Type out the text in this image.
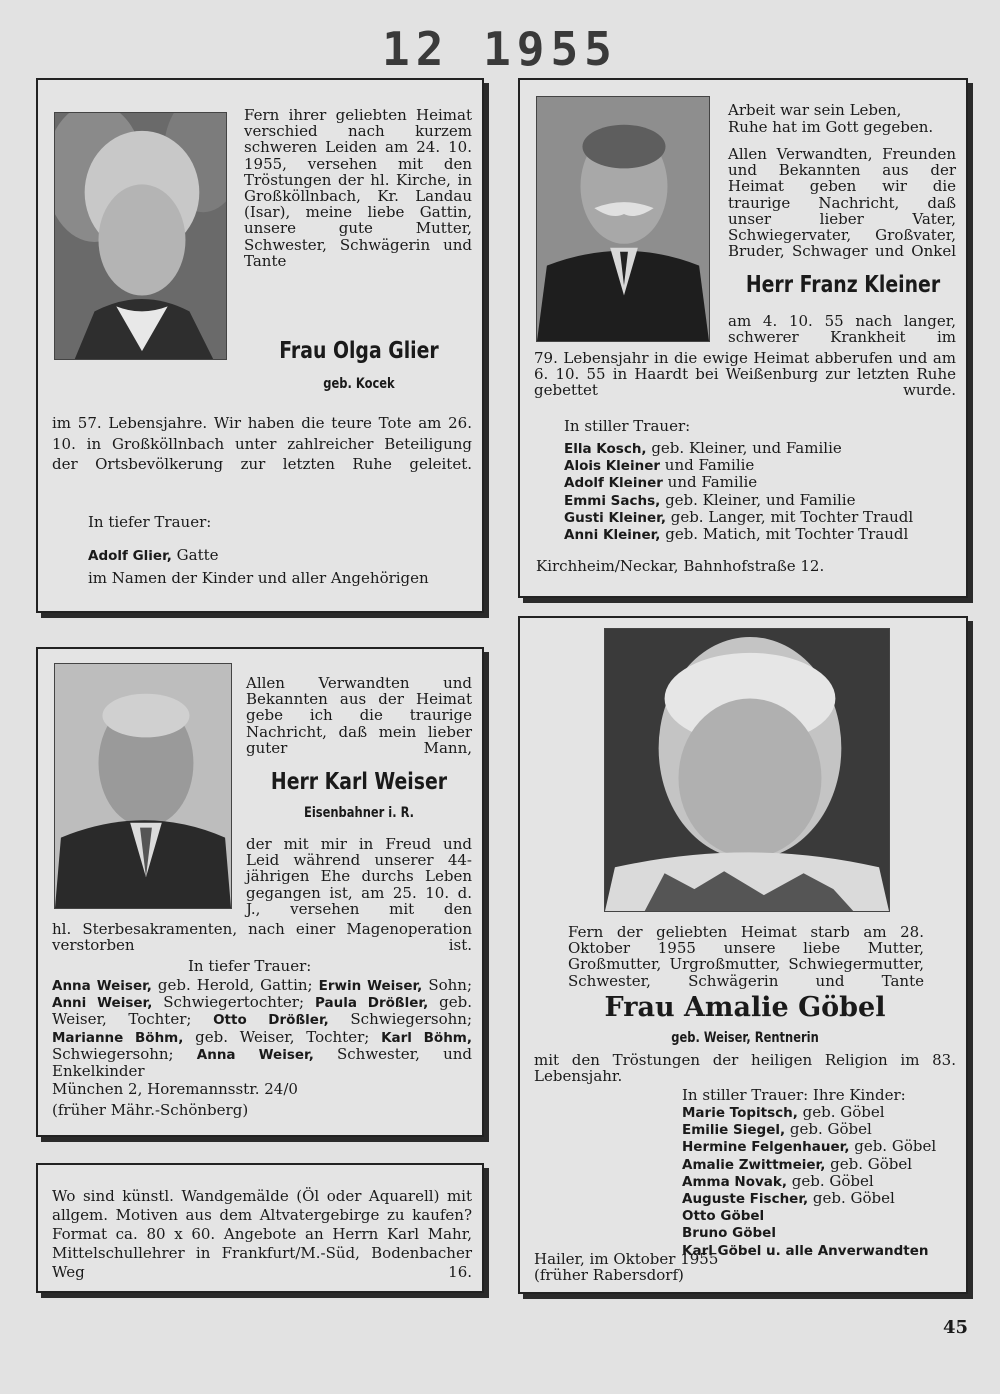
12 1955
Fern ihrer geliebten Heimat verschied nach kurzem schweren Leiden am 24. 10. 1955, versehen mit den Tröstungen der hl. Kirche, in Großköllnbach, Kr. Landau (Isar), meine liebe Gattin, unsere gute Mutter, Schwester, Schwägerin und Tante
Frau Olga Glier
geb. Kocek
im 57. Lebensjahre. Wir haben die teure Tote am 26. 10. in Großköllnbach unter zahlreicher Beteiligung der Ortsbevölkerung zur letzten Ruhe geleitet.
In tiefer Trauer:
Adolf Glier, Gatte
im Namen der Kinder und aller Angehörigen
Arbeit war sein Leben,
Ruhe hat im Gott gegeben.
Allen Verwandten, Freunden und Bekannten aus der Heimat geben wir die traurige Nachricht, daß unser lieber Vater, Schwiegervater, Großvater, Bruder, Schwager und Onkel
Herr Franz Kleiner
am 4. 10. 55 nach langer, schwerer Krankheit im
79. Lebensjahr in die ewige Heimat abberufen und am 6. 10. 55 in Haardt bei Weißenburg zur letzten Ruhe gebettet wurde.
In stiller Trauer:
Ella Kosch, geb. Kleiner, und Familie
Alois Kleiner und Familie
Adolf Kleiner und Familie
Emmi Sachs, geb. Kleiner, und Familie
Gusti Kleiner, geb. Langer, mit Tochter Traudl
Anni Kleiner, geb. Matich, mit Tochter Traudl
Kirchheim/Neckar, Bahnhofstraße 12.
Allen Verwandten und Bekannten aus der Heimat gebe ich die traurige Nachricht, daß mein lieber guter Mann,
Herr Karl Weiser
Eisenbahner i. R.
der mit mir in Freud und Leid während unserer 44-jährigen Ehe durchs Leben gegangen ist, am 25. 10. d. J., versehen mit den
hl. Sterbesakramenten, nach einer Magenoperation verstorben ist.
In tiefer Trauer:
Anna Weiser, geb. Herold, Gattin; Erwin Weiser, Sohn; Anni Weiser, Schwiegertochter; Paula Drößler, geb. Weiser, Tochter; Otto Drößler, Schwiegersohn; Marianne Böhm, geb. Weiser, Tochter; Karl Böhm, Schwiegersohn; Anna Weiser, Schwester, und Enkelkinder
München 2, Horemannsstr. 24/0
(früher Mähr.-Schönberg)
Wo sind künstl. Wandgemälde (Öl oder Aquarell) mit allgem. Motiven aus dem Altvatergebirge zu kaufen? Format ca. 80 x 60. Angebote an Herrn Karl Mahr, Mittelschullehrer in Frankfurt/M.-Süd, Bodenbacher Weg 16.
Fern der geliebten Heimat starb am 28. Oktober 1955 unsere liebe Mutter, Großmutter, Urgroßmutter, Schwiegermutter, Schwester, Schwägerin und Tante
Frau Amalie Göbel
geb. Weiser, Rentnerin
mit den Tröstungen der heiligen Religion im 83. Lebensjahr.
In stiller Trauer: Ihre Kinder:
Marie Topitsch, geb. Göbel
Emilie Siegel, geb. Göbel
Hermine Felgenhauer, geb. Göbel
Amalie Zwittmeier, geb. Göbel
Amma Novak, geb. Göbel
Auguste Fischer, geb. Göbel
Otto Göbel
Bruno Göbel
Karl Göbel u. alle Anverwandten
Hailer, im Oktober 1955
(früher Rabersdorf)
45
